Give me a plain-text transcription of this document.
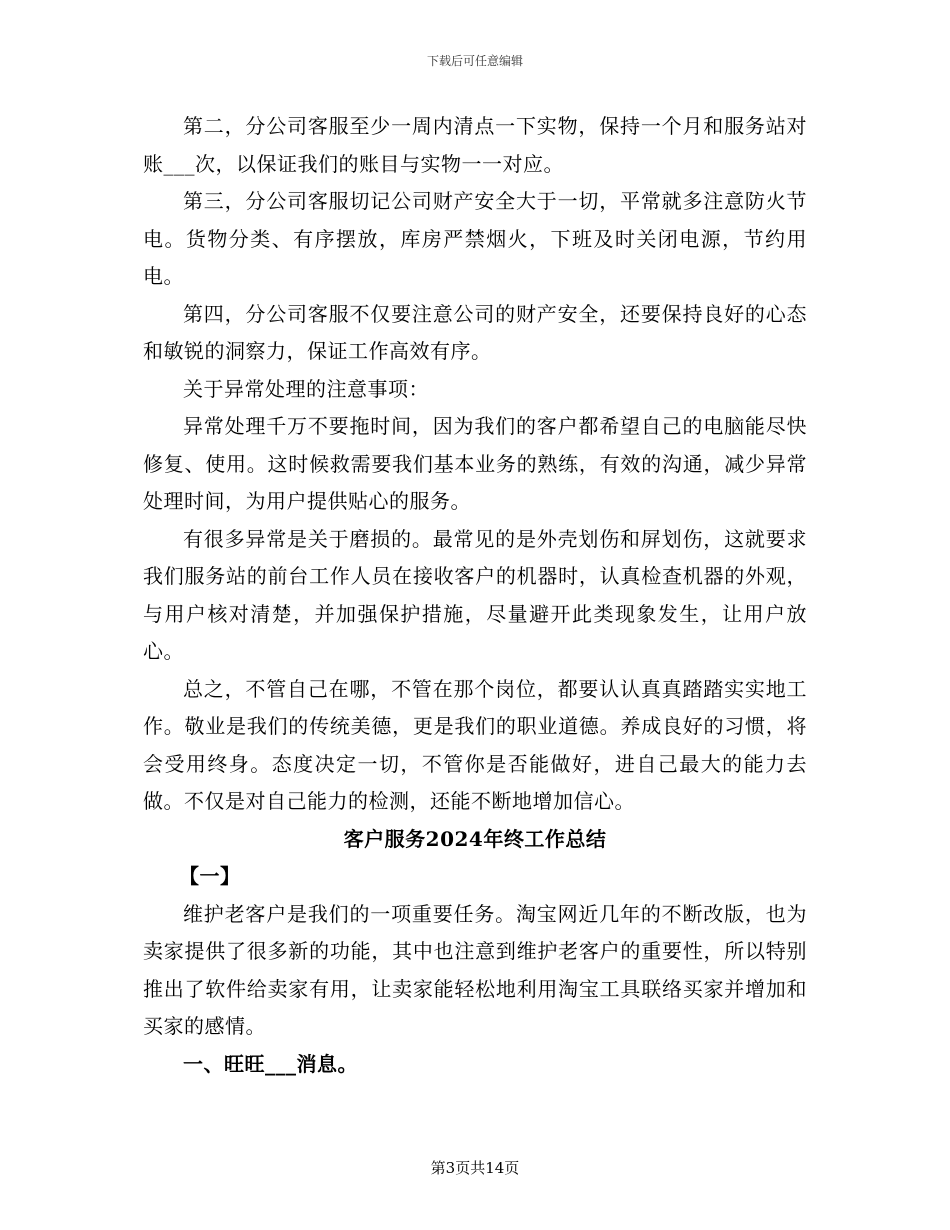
下载后可任意编辑

第二，分公司客服至少一周内清点一下实物，保持一个月和服务站对账___次，以保证我们的账目与实物一一对应。

第三，分公司客服切记公司财产安全大于一切，平常就多注意防火节电。货物分类、有序摆放，库房严禁烟火，下班及时关闭电源，节约用电。

第四，分公司客服不仅要注意公司的财产安全，还要保持良好的心态和敏锐的洞察力，保证工作高效有序。

关于异常处理的注意事项：

异常处理千万不要拖时间，因为我们的客户都希望自己的电脑能尽快修复、使用。这时候救需要我们基本业务的熟练，有效的沟通，减少异常处理时间，为用户提供贴心的服务。

有很多异常是关于磨损的。最常见的是外壳划伤和屏划伤，这就要求我们服务站的前台工作人员在接收客户的机器时，认真检查机器的外观，与用户核对清楚，并加强保护措施，尽量避开此类现象发生，让用户放心。

总之，不管自己在哪，不管在那个岗位，都要认认真真踏踏实实地工作。敬业是我们的传统美德，更是我们的职业道德。养成良好的习惯，将会受用终身。态度决定一切，不管你是否能做好，进自己最大的能力去做。不仅是对自己能力的检测，还能不断地增加信心。

客户服务2024年终工作总结

【一】

维护老客户是我们的一项重要任务。淘宝网近几年的不断改版，也为卖家提供了很多新的功能，其中也注意到维护老客户的重要性，所以特别推出了软件给卖家有用，让卖家能轻松地利用淘宝工具联络买家并增加和买家的感情。

一、旺旺___消息。

第3页共14页
